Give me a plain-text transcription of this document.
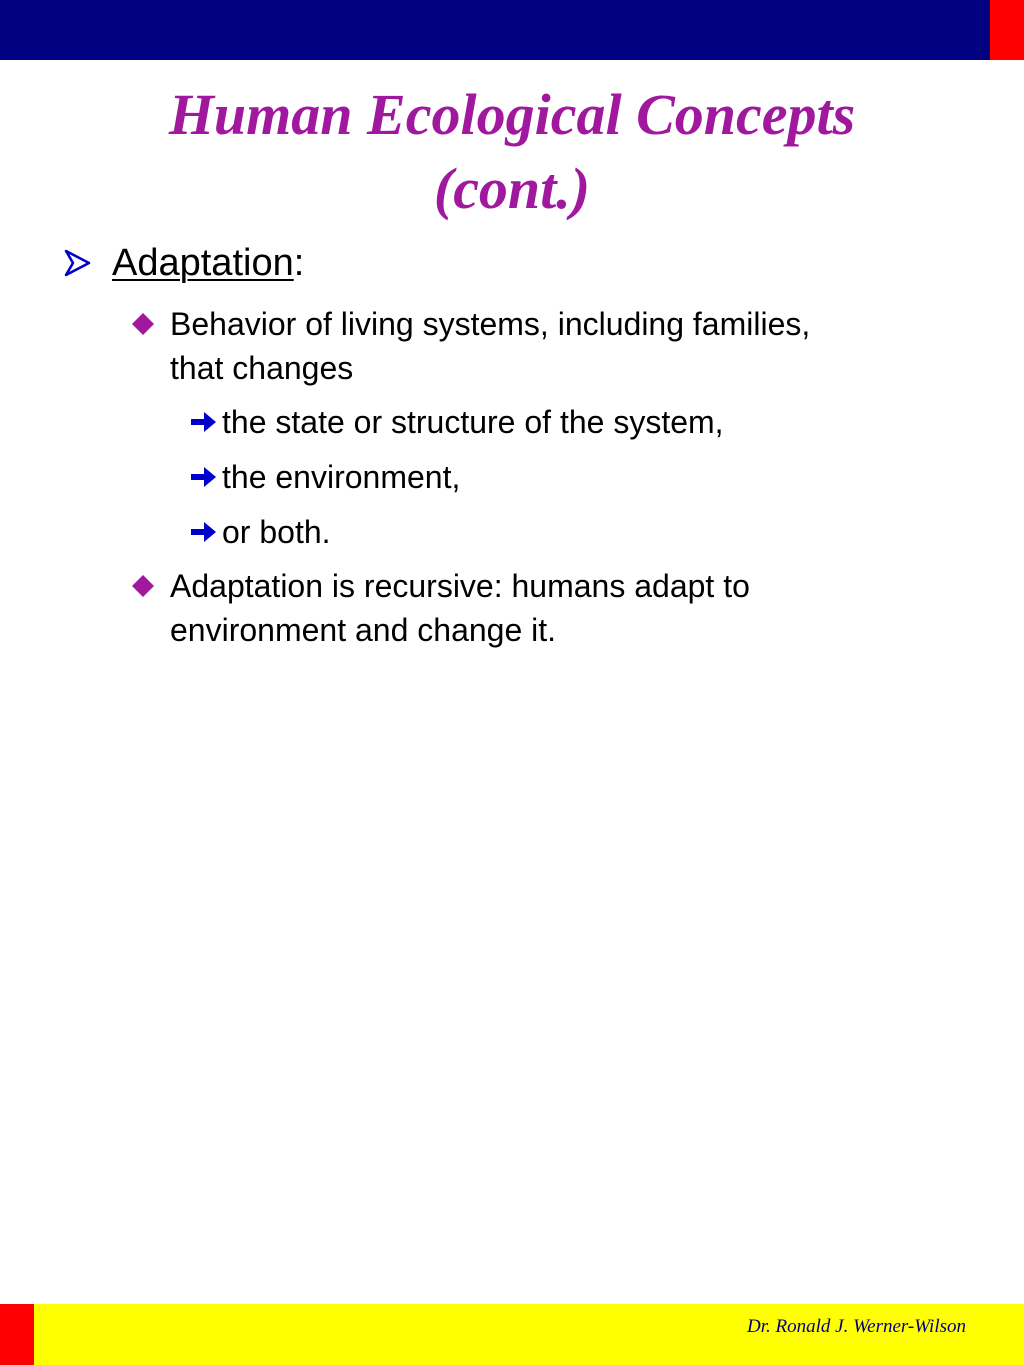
Human Ecological Concepts
(cont.)
Adaptation :
Behavior of living systems, including families,
that changes
the state or structure of the system,
the environment,
or both.
Adaptation is recursive: humans adapt to
environment and change it.
Dr. Ronald J. Werner-Wilson
